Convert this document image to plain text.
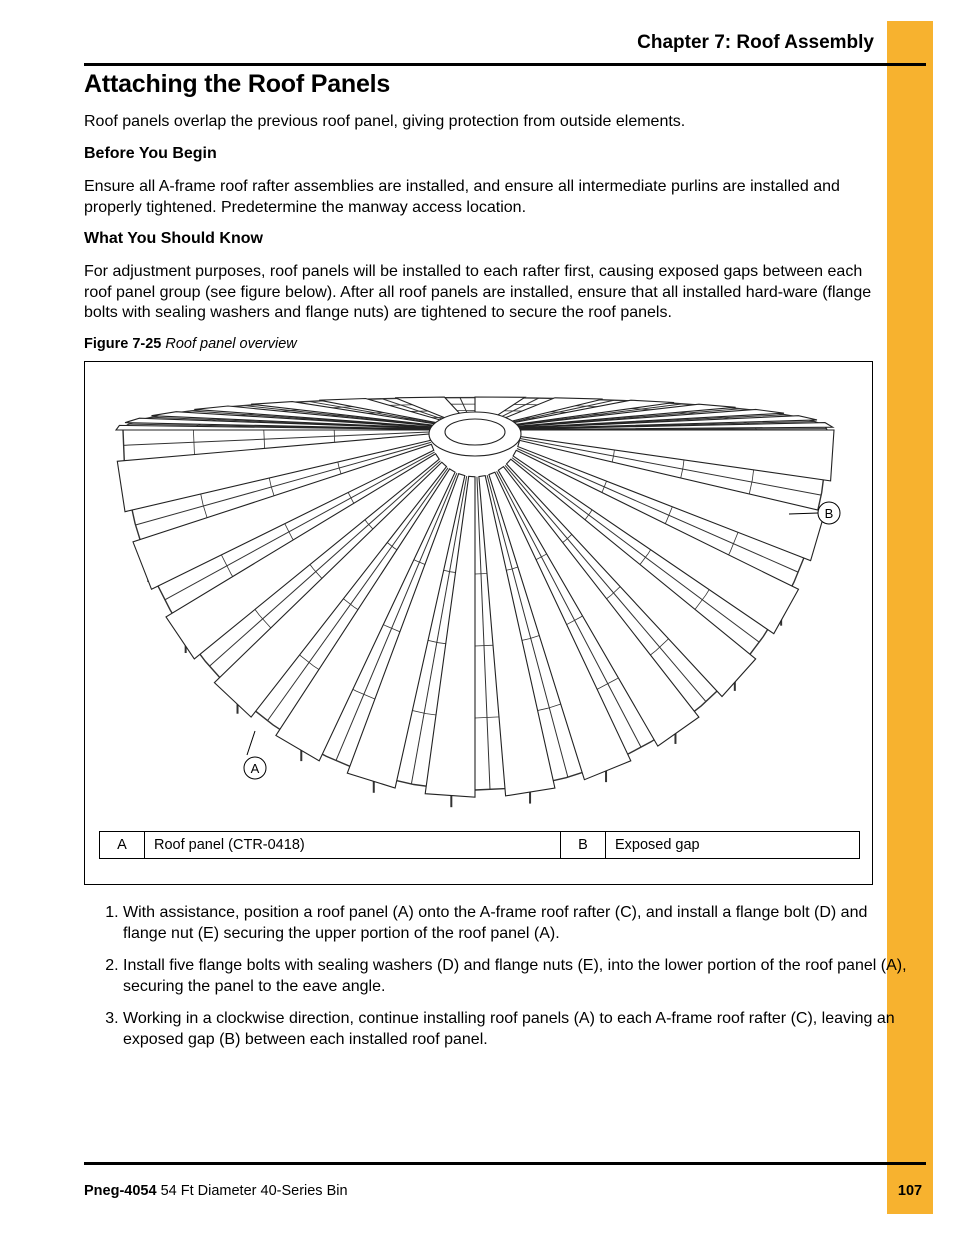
Chapter 7: Roof Assembly
Attaching the Roof Panels

Roof panels overlap the previous roof panel, giving protection from outside elements.

Before You Begin

Ensure all A-frame roof rafter assemblies are installed, and ensure all intermediate purlins are installed and properly tightened. Predetermine the manway access location.

What You Should Know

For adjustment purposes, roof panels will be installed to each rafter first, causing exposed gaps between each roof panel group (see figure below). After all roof panels are installed, ensure that all installed hard-ware (flange bolts with sealing washers and flange nuts) are tightened to secure the roof panels.

Figure 7-25 Roof panel overview
A
B
A	Roof panel (CTR-0418)	B	Exposed gap
1. With assistance, position a roof panel (A) onto the A-frame roof rafter (C), and install a flange bolt (D) and flange nut (E) securing the upper portion of the roof panel (A).
2. Install five flange bolts with sealing washers (D) and flange nuts (E), into the lower portion of the roof panel (A), securing the panel to the eave angle.
3. Working in a clockwise direction, continue installing roof panels (A) to each A-frame roof rafter (C), leaving an exposed gap (B) between each installed roof panel.
Pneg-4054 54 Ft Diameter 40-Series Bin	107
